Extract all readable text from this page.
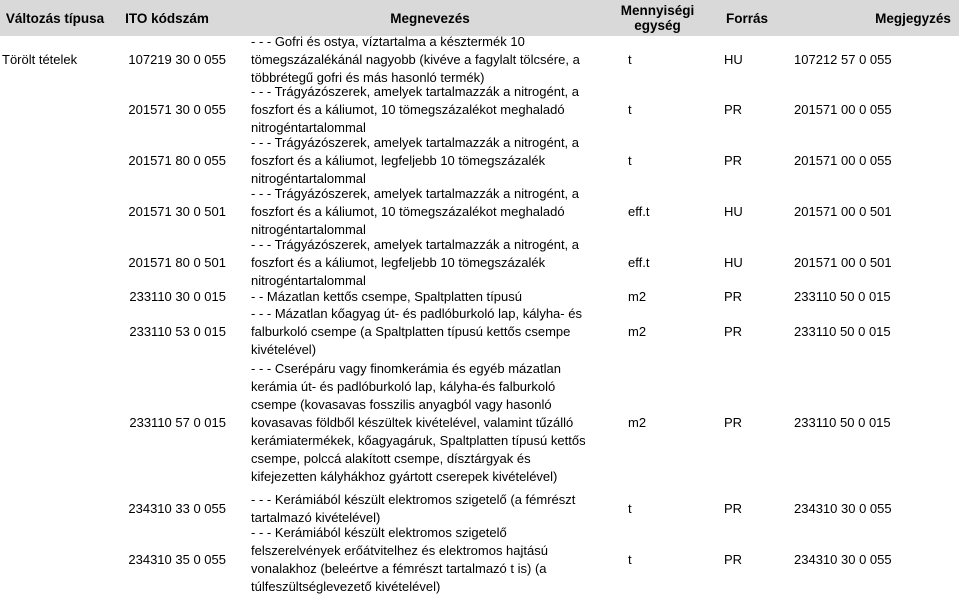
Változás típusa	ITO kódszám	Megnevezés	Mennyiségi
egység	Forrás	Megjegyzés
Törölt tételek	107219 30 0 055
- - - Gofri és ostya, víztartalma a késztermék 10
tömegszázalékánál nagyobb (kivéve a fagylalt tölcsére, a
többrétegű gofri és más hasonló termék)
t	HU	107212 57 0 055
201571 30 0 055
- - - Trágyázószerek, amelyek tartalmazzák a nitrogént, a
foszfort és a káliumot, 10 tömegszázalékot meghaladó
nitrogéntartalommal
t	PR	201571 00 0 055
201571 80 0 055
- - - Trágyázószerek, amelyek tartalmazzák a nitrogént, a
foszfort és a káliumot, legfeljebb 10 tömegszázalék
nitrogéntartalommal
t	PR	201571 00 0 055
201571 30 0 501
- - - Trágyázószerek, amelyek tartalmazzák a nitrogént, a
foszfort és a káliumot, 10 tömegszázalékot meghaladó
nitrogéntartalommal
eff.t	HU	201571 00 0 501
201571 80 0 501
- - - Trágyázószerek, amelyek tartalmazzák a nitrogént, a
foszfort és a káliumot, legfeljebb 10 tömegszázalék
nitrogéntartalommal
eff.t	HU	201571 00 0 501
233110 30 0 015 - - Mázatlan kettős csempe, Spaltplatten típusú	m2	PR	233110 50 0 015
233110 53 0 015
- - - Mázatlan kőagyag út- és padlóburkoló lap, kályha- és
falburkoló csempe (a Spaltplatten típusú kettős csempe
kivételével)
m2	PR	233110 50 0 015
233110 57 0 015
- - - Cserépáru vagy finomkerámia és egyéb mázatlan
kerámia út- és padlóburkoló lap, kályha-és falburkoló
csempe (kovasavas fosszilis anyagból vagy hasonló
kovasavas földből készültek kivételével, valamint tűzálló
kerámiatermékek, kőagyagáruk, Spaltplatten típusú kettős
csempe, polccá alakított csempe, dísztárgyak és
kifejezetten kályhákhoz gyártott cserepek kivételével)
m2	PR	233110 50 0 015
234310 33 0 055
- - - Kerámiából készült elektromos szigetelő (a fémrészt
tartalmazó kivételével)
t	PR	234310 30 0 055
234310 35 0 055
- - - Kerámiából készült elektromos szigetelő
felszerelvények erőátvitelhez és elektromos hajtású
vonalakhoz (beleértve a fémrészt tartalmazó t is) (a
túlfeszültséglevezető kivételével)
t	PR	234310 30 0 055
